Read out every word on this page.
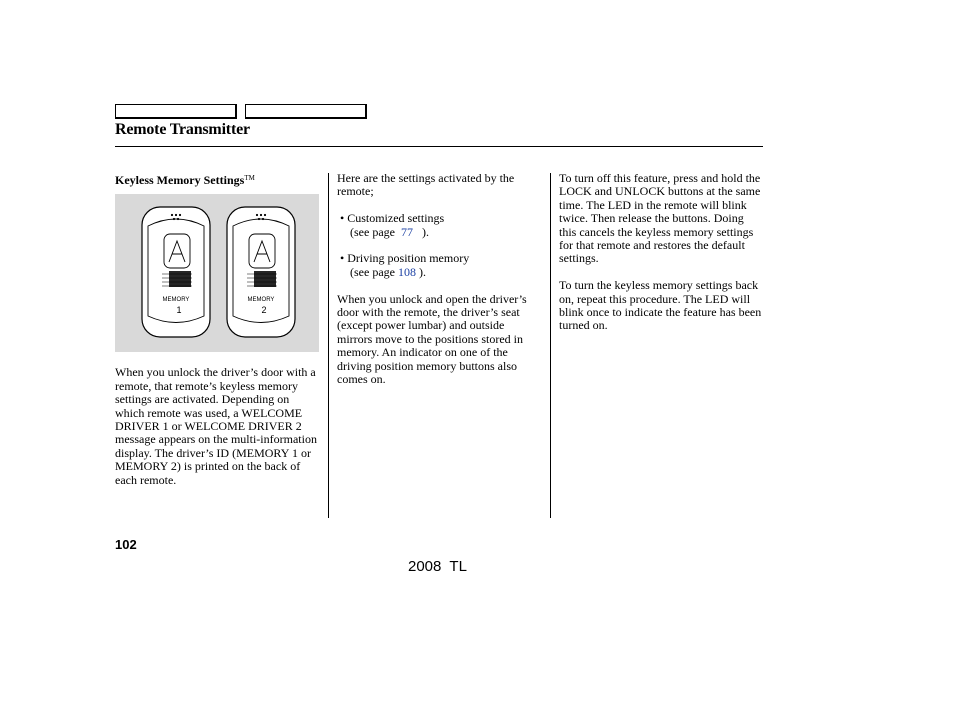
Remote Transmitter
Keyless Memory Settings™
MEMORY	MEMORY
1	2

When you unlock the driver’s door with a remote, that remote’s keyless memory settings are activated. Depending on which remote was used, a WELCOME DRIVER 1 or WELCOME DRIVER 2 message appears on the multi-information display. The driver’s ID (MEMORY 1 or MEMORY 2) is printed on the back of each remote.

Here are the settings activated by the remote;

• Customized settings
(see page 77 ).
• Driving position memory
(see page 108 ).

When you unlock and open the driver’s door with the remote, the driver’s seat (except power lumbar) and outside mirrors move to the positions stored in memory. An indicator on one of the driving position memory buttons also comes on.

To turn off this feature, press and hold the LOCK and UNLOCK buttons at the same time. The LED in the remote will blink twice. Then release the buttons. Doing this cancels the keyless memory settings for that remote and restores the default settings.

To turn the keyless memory settings back on, repeat this procedure. The LED will blink once to indicate the feature has been turned on.

102
2008  TL
